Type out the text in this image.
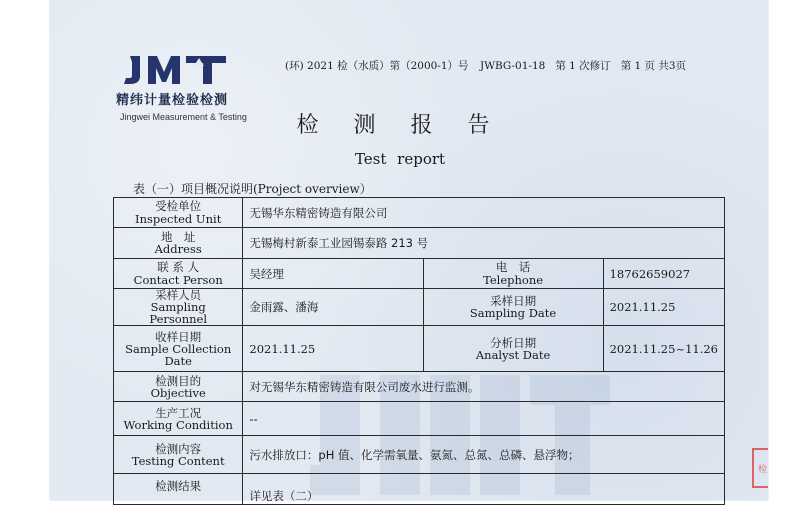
JMT
精纬计量检验检测
Jingwei Measurement & Testing
(环) 2021 检（水质）第（2000-1）号 JWBG-01-18 第 1 次修订 第 1 页 共3页
检
检 测 报 告
Test report
表（一）项目概况说明(Project overview）
受检单位
Inspected Unit	无锡华东精密铸造有限公司		

地　址
Address	无锡梅村新泰工业园锡泰路 213 号		

联 系 人
Contact Person	吴经理	电　话
Telephone	18762659027

采样人员
Sampling Personnel	金雨露、潘海	采样日期
Sampling Date	2021.11.25

收样日期
Sample Collection Date	2021.11.25	分析日期
Analyst Date	2021.11.25~11.26

检测目的
Objective	对无锡华东精密铸造有限公司废水进行监测。		

生产工况
Working Condition	--		

检测内容
Testing Content	污水排放口：pH 值、化学需氧量、氨氮、总氮、总磷、悬浮物；		

检测结果	详见表（二）		
